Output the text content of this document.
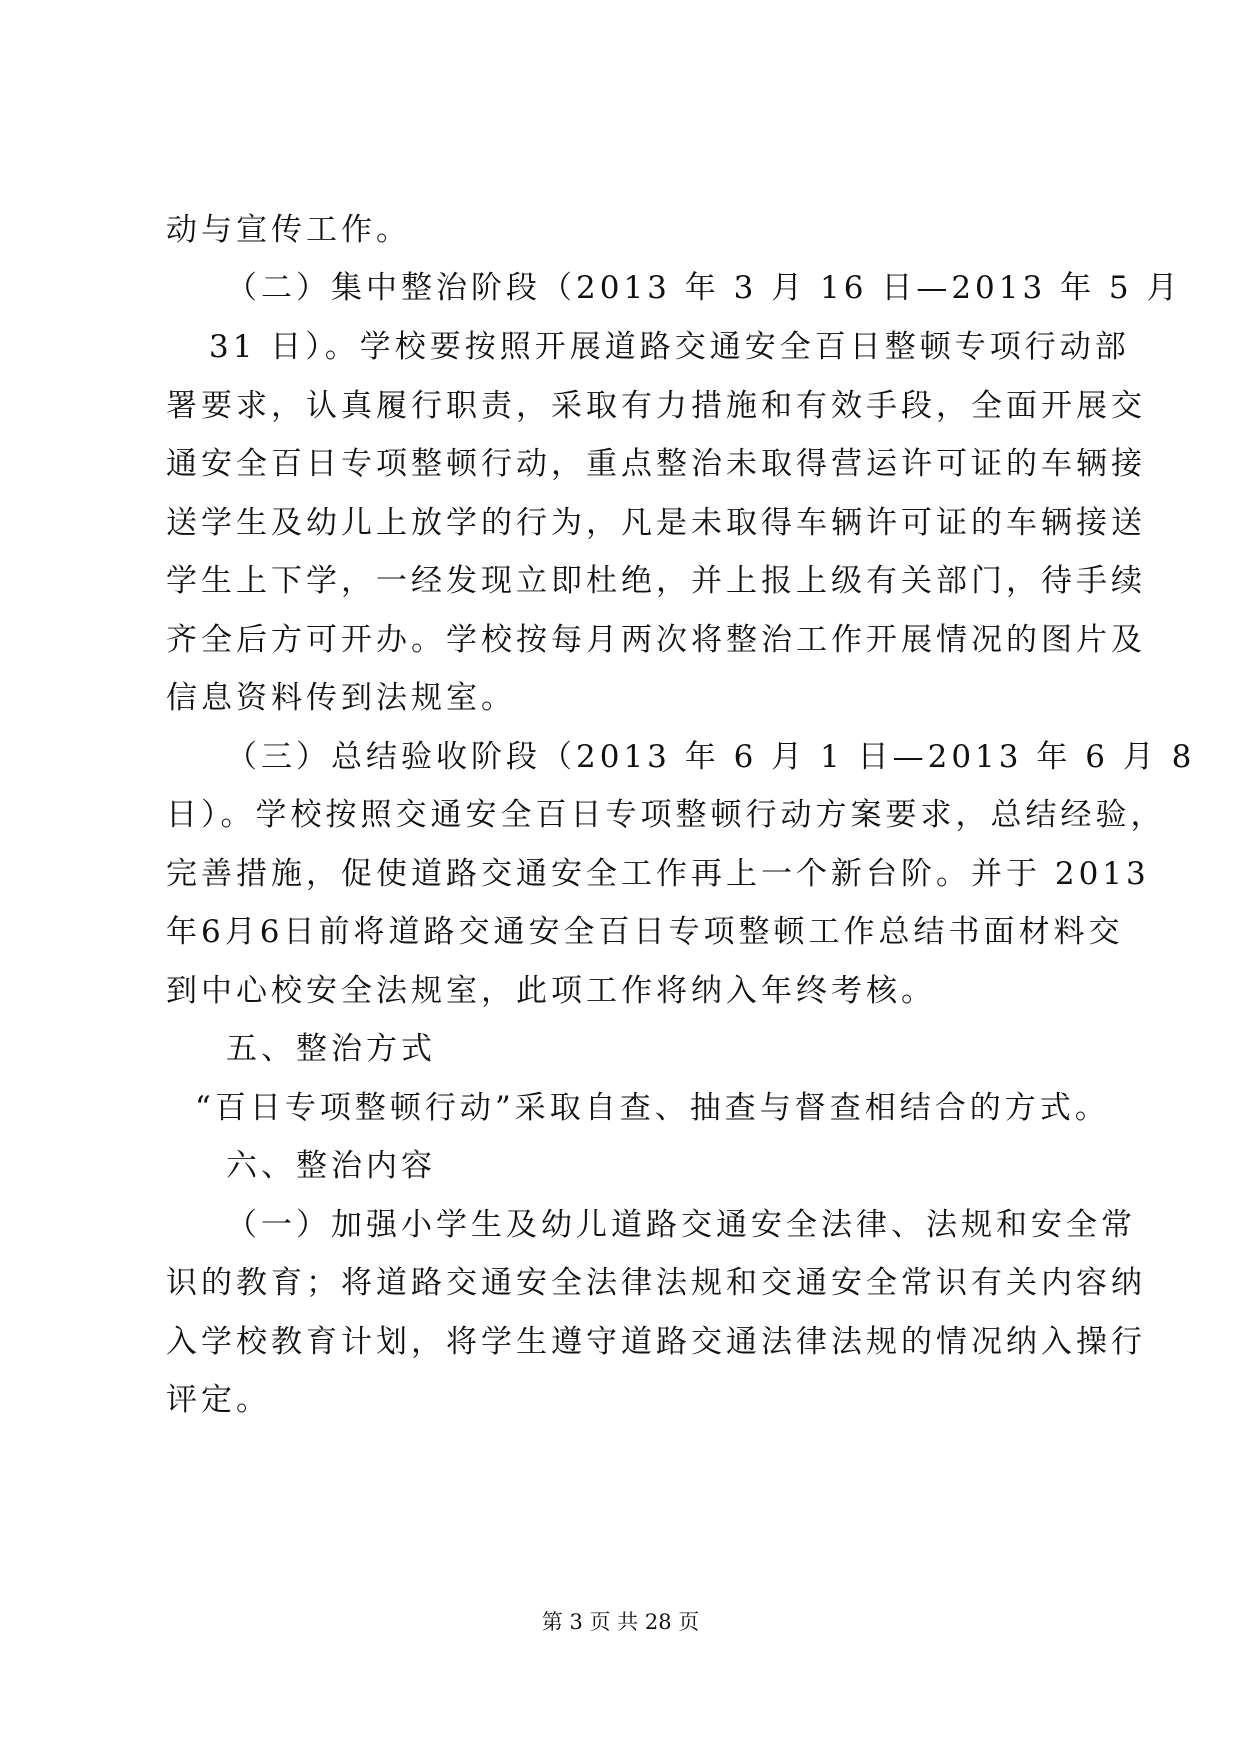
动与宣传工作。
（二）集中整治阶段（2013 年 3 月 16 日—2013 年 5 月
31 日）。学校要按照开展道路交通安全百日整顿专项行动部
署要求，认真履行职责，采取有力措施和有效手段，全面开展交
通安全百日专项整顿行动，重点整治未取得营运许可证的车辆接
送学生及幼儿上放学的行为，凡是未取得车辆许可证的车辆接送
学生上下学，一经发现立即杜绝，并上报上级有关部门，待手续
齐全后方可开办。学校按每月两次将整治工作开展情况的图片及
信息资料传到法规室。
（三）总结验收阶段（2013 年 6 月 1 日—2013 年 6 月 8
日）。学校按照交通安全百日专项整顿行动方案要求，总结经验，
完善措施，促使道路交通安全工作再上一个新台阶。并于 2013
年6月6日前将道路交通安全百日专项整顿工作总结书面材料交
到中心校安全法规室，此项工作将纳入年终考核。
五、整治方式
“百日专项整顿行动”采取自查、抽查与督查相结合的方式。
六、整治内容
（一）加强小学生及幼儿道路交通安全法律、法规和安全常
识的教育；将道路交通安全法律法规和交通安全常识有关内容纳
入学校教育计划，将学生遵守道路交通法律法规的情况纳入操行
评定。
第 3 页 共 28 页
